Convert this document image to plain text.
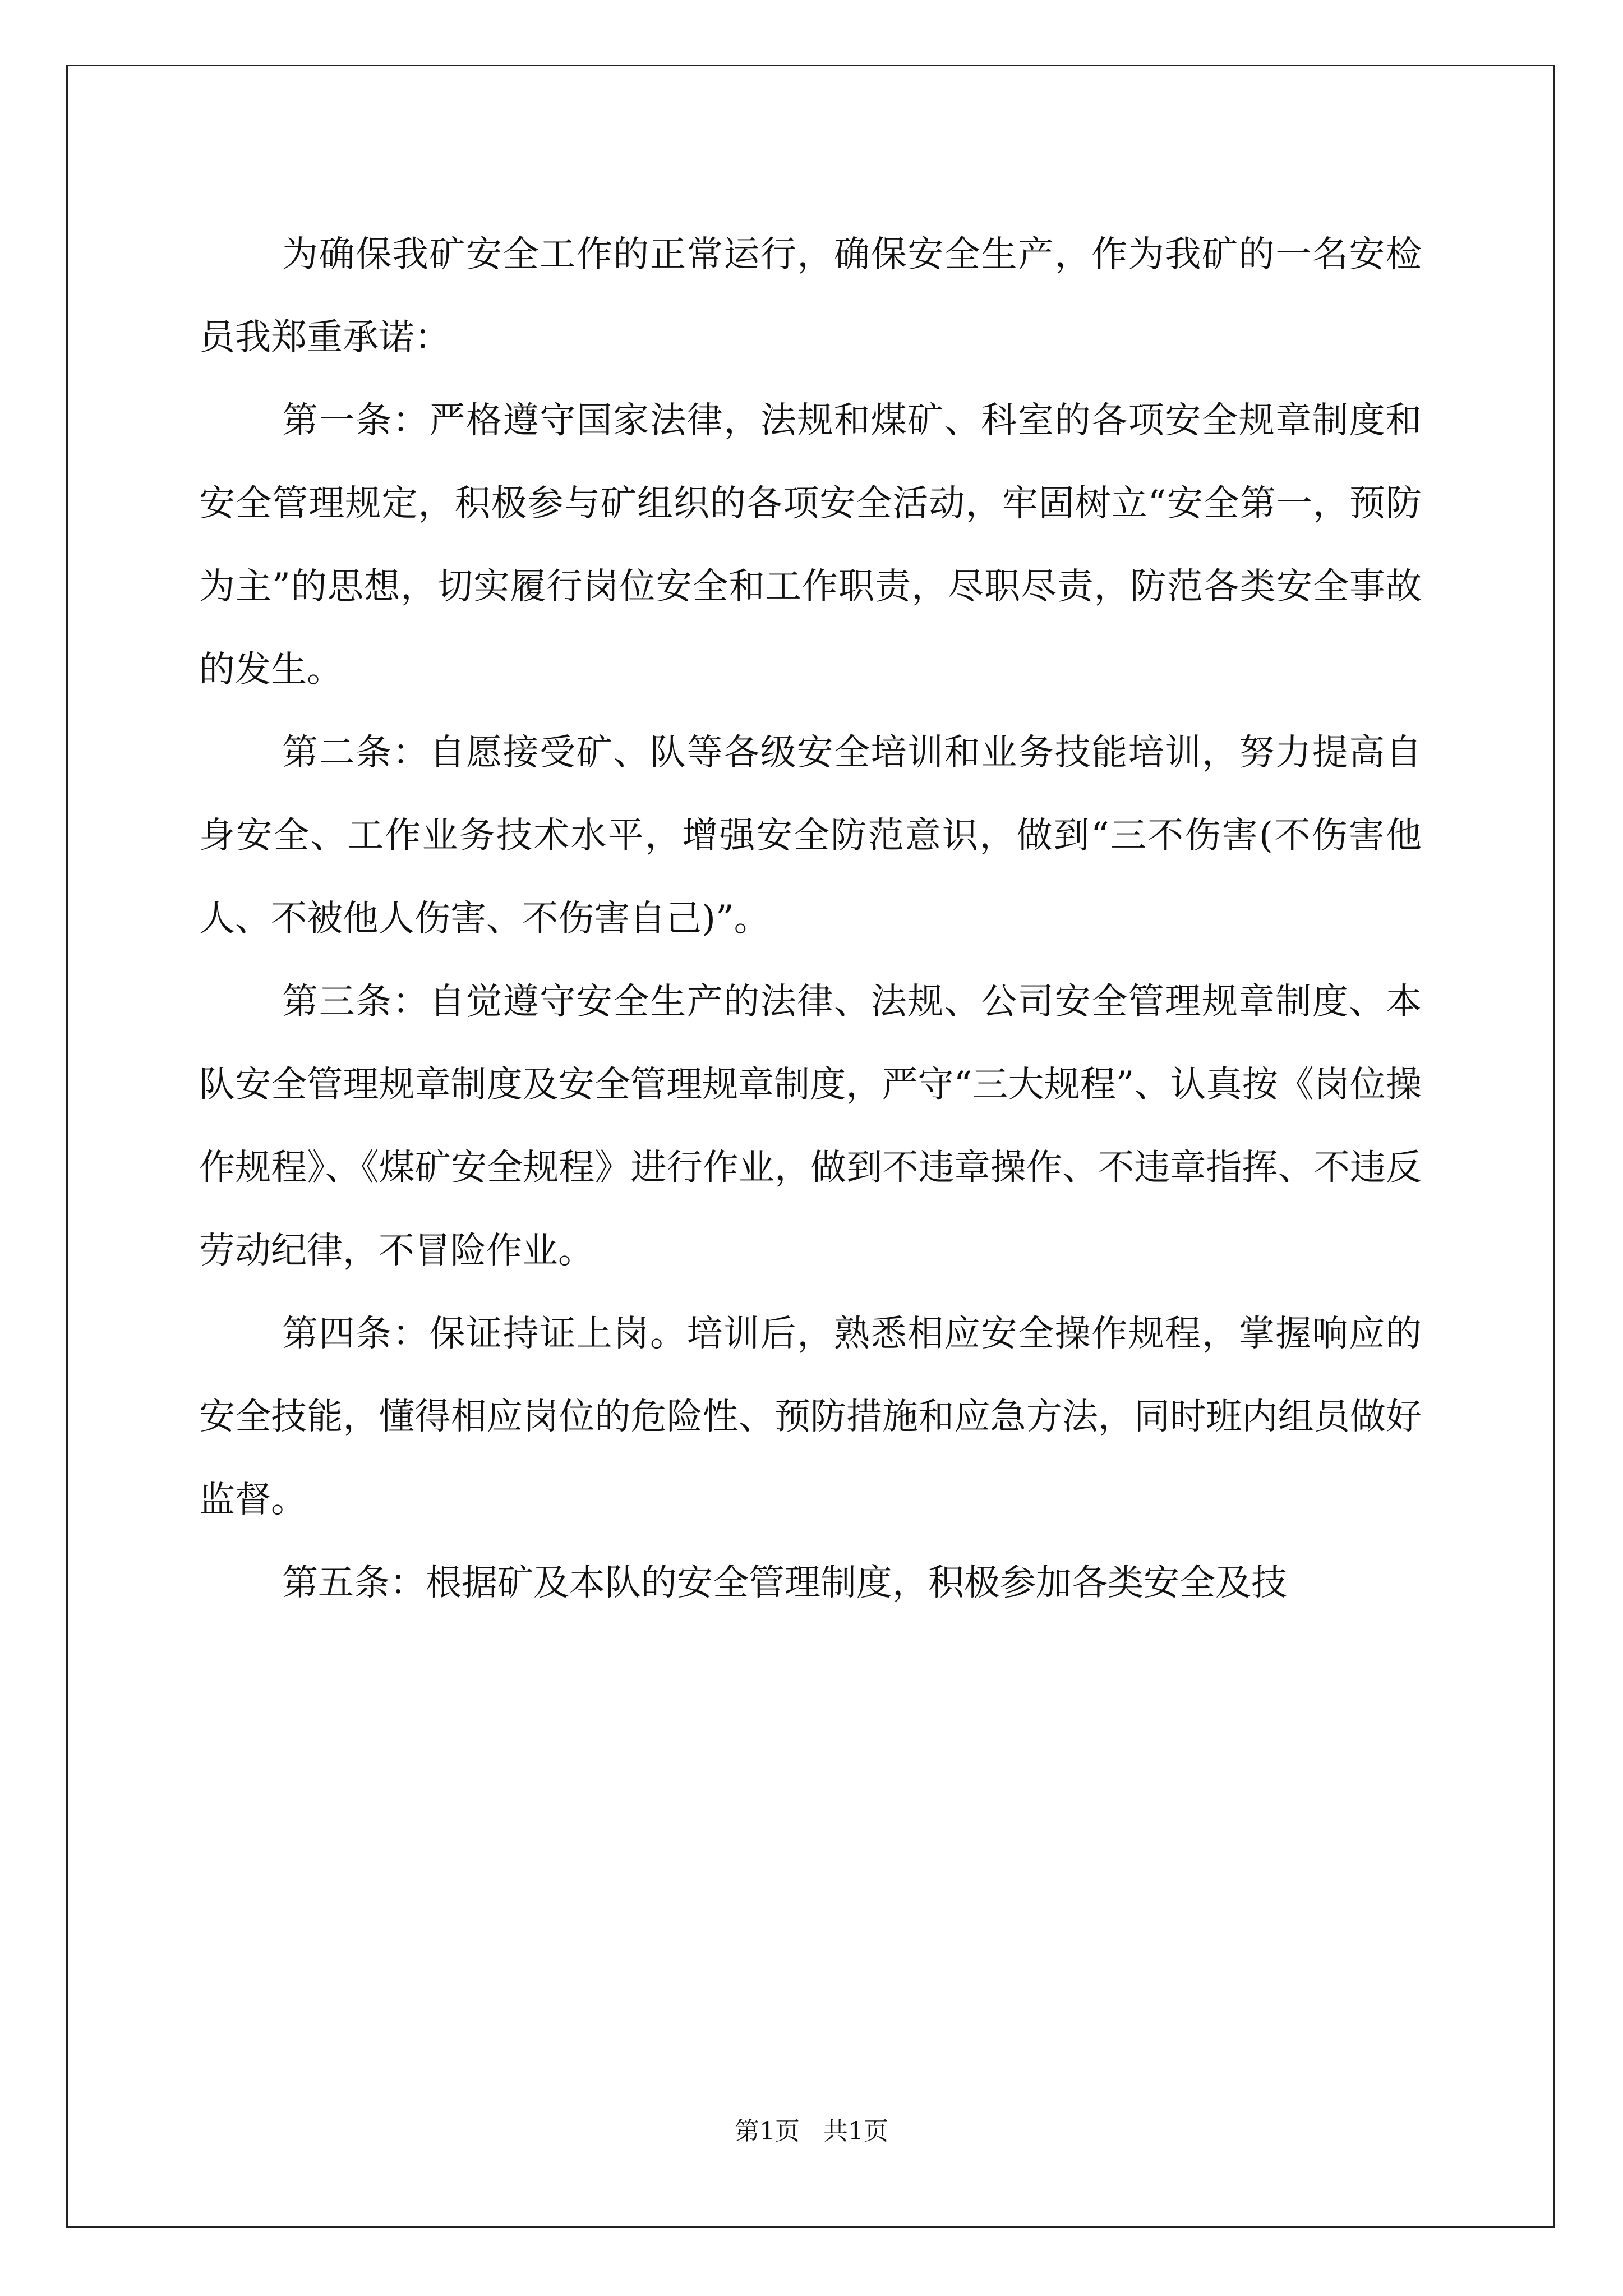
为确保我矿安全工作的正常运行，确保安全生产，作为我矿的一名安检员我郑重承诺：

第一条：严格遵守国家法律，法规和煤矿、科室的各项安全规章制度和安全管理规定，积极参与矿组织的各项安全活动，牢固树立“安全第一，预防为主”的思想，切实履行岗位安全和工作职责，尽职尽责，防范各类安全事故的发生。

第二条：自愿接受矿、队等各级安全培训和业务技能培训，努力提高自身安全、工作业务技术水平，增强安全防范意识，做到“三不伤害(不伤害他人、不被他人伤害、不伤害自己)”。

第三条：自觉遵守安全生产的法律、法规、公司安全管理规章制度、本队安全管理规章制度及安全管理规章制度，严守“三大规程”、认真按《岗位操作规程》、《煤矿安全规程》进行作业，做到不违章操作、不违章指挥、不违反劳动纪律，不冒险作业。

第四条：保证持证上岗。培训后，熟悉相应安全操作规程，掌握响应的安全技能，懂得相应岗位的危险性、预防措施和应急方法，同时班内组员做好监督。

第五条：根据矿及本队的安全管理制度，积极参加各类安全及技

第1页   共1页
